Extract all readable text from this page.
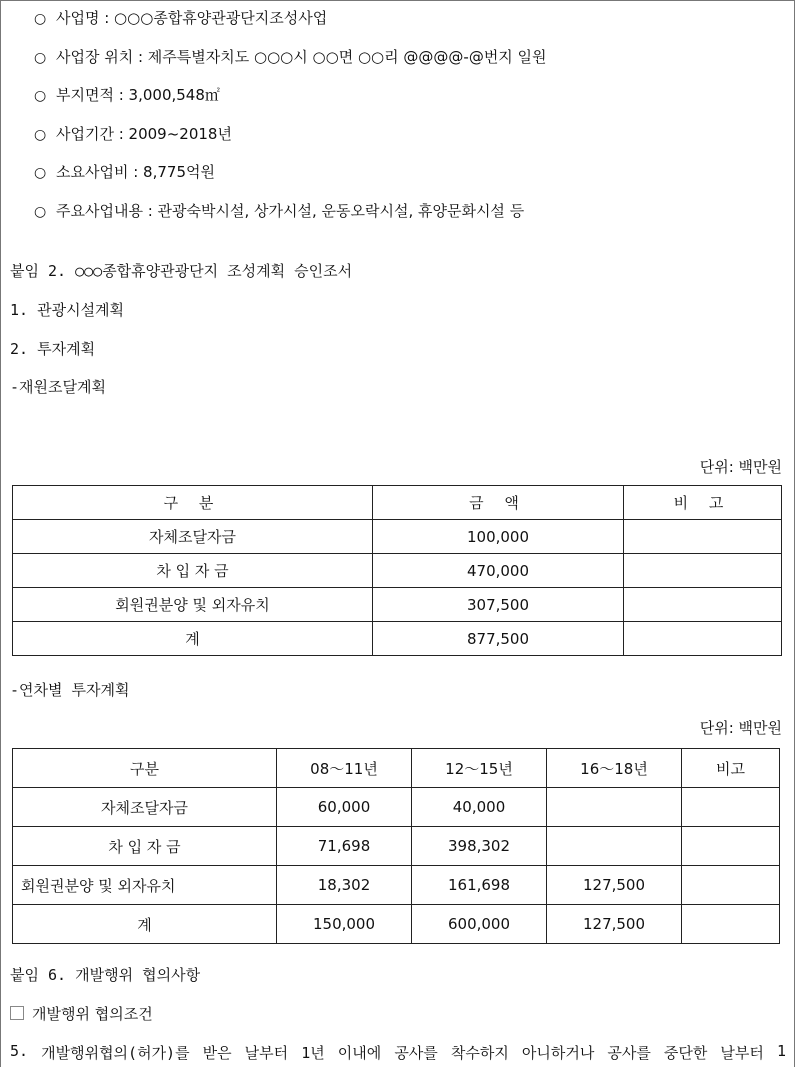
○ 사업명 : ○○○종합휴양관광단지조성사업
○ 사업장 위치 : 제주특별자치도 ○○○시 ○○면 ○○리 @@@@-@번지 일원
○ 부지면적 : 3,000,548㎡
○ 사업기간 : 2009~2018년
○ 소요사업비 : 8,775억원
○ 주요사업내용 : 관광숙박시설, 상가시설, 운동오락시설, 휴양문화시설 등
붙임 2. ○○○종합휴양관광단지 조성계획 승인조서
1. 관광시설계획
2. 투자계획
-재원조달계획
단위: 백만원
구 분	금 액	비 고
자체조달자금	100,000	
차 입 자 금	470,000	
회원권분양 및 외자유치	307,500	
계	877,500	
-연차별 투자계획
단위: 백만원
구분	08～11년	12～15년	16～18년	비고
자체조달자금	60,000	40,000		
차 입 자 금	71,698	398,302		
회원권분양 및 외자유치	18,302	161,698	127,500	
계	150,000	600,000	127,500	
붙임 6. 개발행위 협의사항
개발행위 협의조건
5. 개발행위협의(허가)를 받은 날부터 1년 이내에 공사를 착수하지 아니하거나 공사를 중단한 날부터 1
